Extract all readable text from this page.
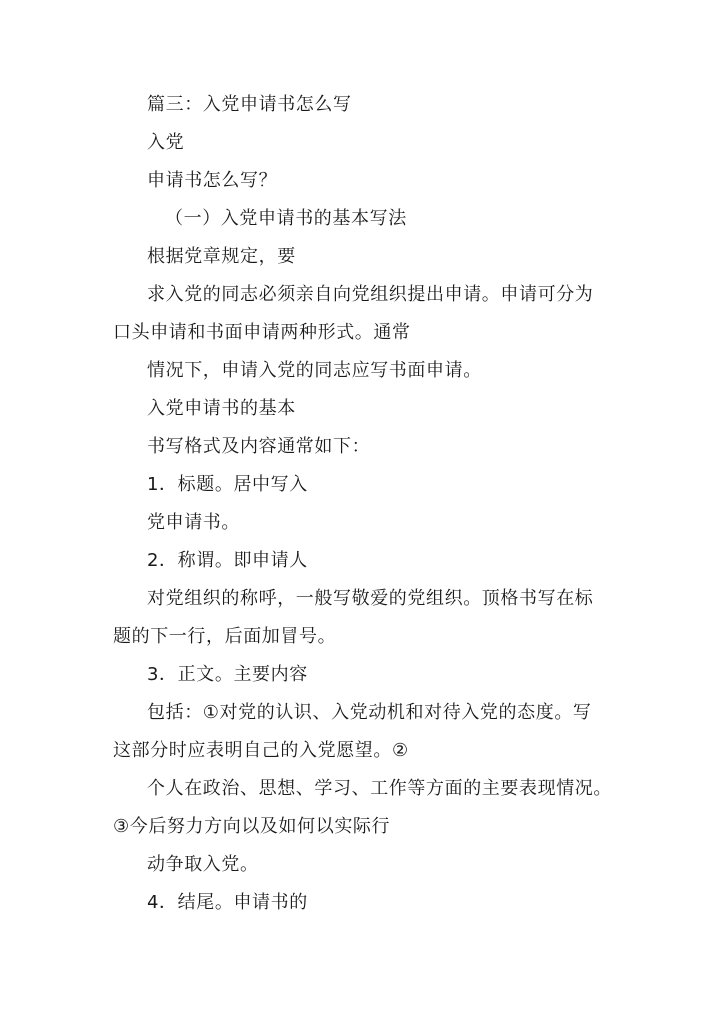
篇三：入党申请书怎么写
入党
申请书怎么写？
（一）入党申请书的基本写法
根据党章规定，要
求入党的同志必须亲自向党组织提出申请。申请可分为
口头申请和书面申请两种形式。通常
情况下，申请入党的同志应写书面申请。
入党申请书的基本
书写格式及内容通常如下：
1．标题。居中写入
党申请书。
2．称谓。即申请人
对党组织的称呼，一般写敬爱的党组织。顶格书写在标
题的下一行，后面加冒号。
3．正文。主要内容
包括：①对党的认识、入党动机和对待入党的态度。写
这部分时应表明自己的入党愿望。②
个人在政治、思想、学习、工作等方面的主要表现情况。
③今后努力方向以及如何以实际行
动争取入党。
4．结尾。申请书的
